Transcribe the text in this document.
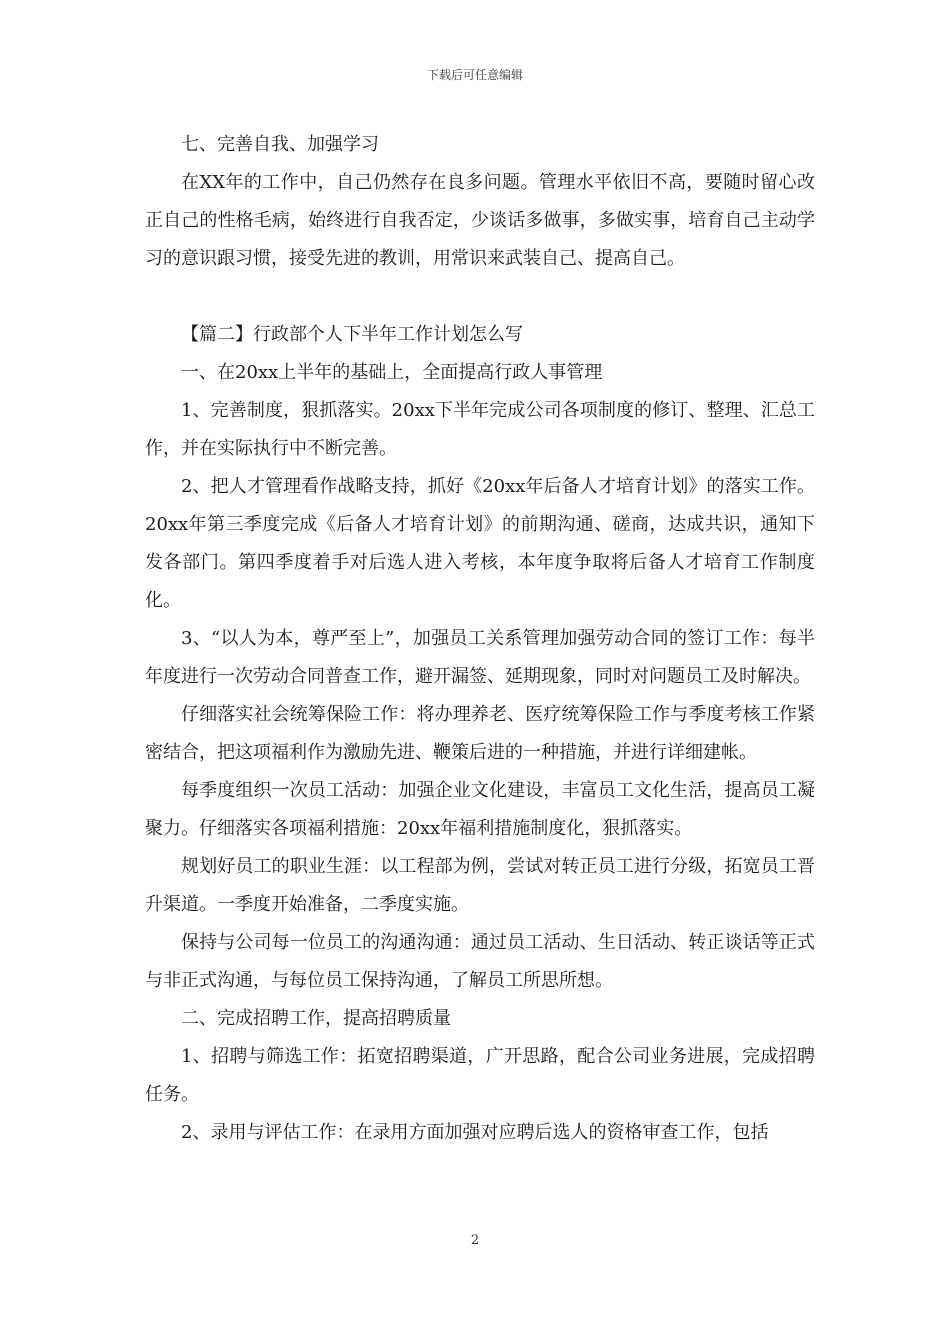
下载后可任意编辑

七、完善自我、加强学习

在XX年的工作中，自己仍然存在良多问题。管理水平依旧不高，要随时留心改正自己的性格毛病，始终进行自我否定，少谈话多做事，多做实事，培育自己主动学习的意识跟习惯，接受先进的教训，用常识来武装自己、提高自己。

【篇二】行政部个人下半年工作计划怎么写

一、在20xx上半年的基础上，全面提高行政人事管理

1、完善制度，狠抓落实。20xx下半年完成公司各项制度的修订、整理、汇总工作，并在实际执行中不断完善。

2、把人才管理看作战略支持，抓好《20xx年后备人才培育计划》的落实工作。20xx年第三季度完成《后备人才培育计划》的前期沟通、磋商，达成共识，通知下发各部门。第四季度着手对后选人进入考核，本年度争取将后备人才培育工作制度化。

3、“以人为本，尊严至上”，加强员工关系管理加强劳动合同的签订工作：每半年度进行一次劳动合同普查工作，避开漏签、延期现象，同时对问题员工及时解决。

仔细落实社会统筹保险工作：将办理养老、医疗统筹保险工作与季度考核工作紧密结合，把这项福利作为激励先进、鞭策后进的一种措施，并进行详细建帐。

每季度组织一次员工活动：加强企业文化建设，丰富员工文化生活，提高员工凝聚力。仔细落实各项福利措施：20xx年福利措施制度化，狠抓落实。

规划好员工的职业生涯：以工程部为例，尝试对转正员工进行分级，拓宽员工晋升渠道。一季度开始准备，二季度实施。

保持与公司每一位员工的沟通沟通：通过员工活动、生日活动、转正谈话等正式与非正式沟通，与每位员工保持沟通，了解员工所思所想。

二、完成招聘工作，提高招聘质量

1、招聘与筛选工作：拓宽招聘渠道，广开思路，配合公司业务进展，完成招聘任务。

2、录用与评估工作：在录用方面加强对应聘后选人的资格审查工作，包括

2
